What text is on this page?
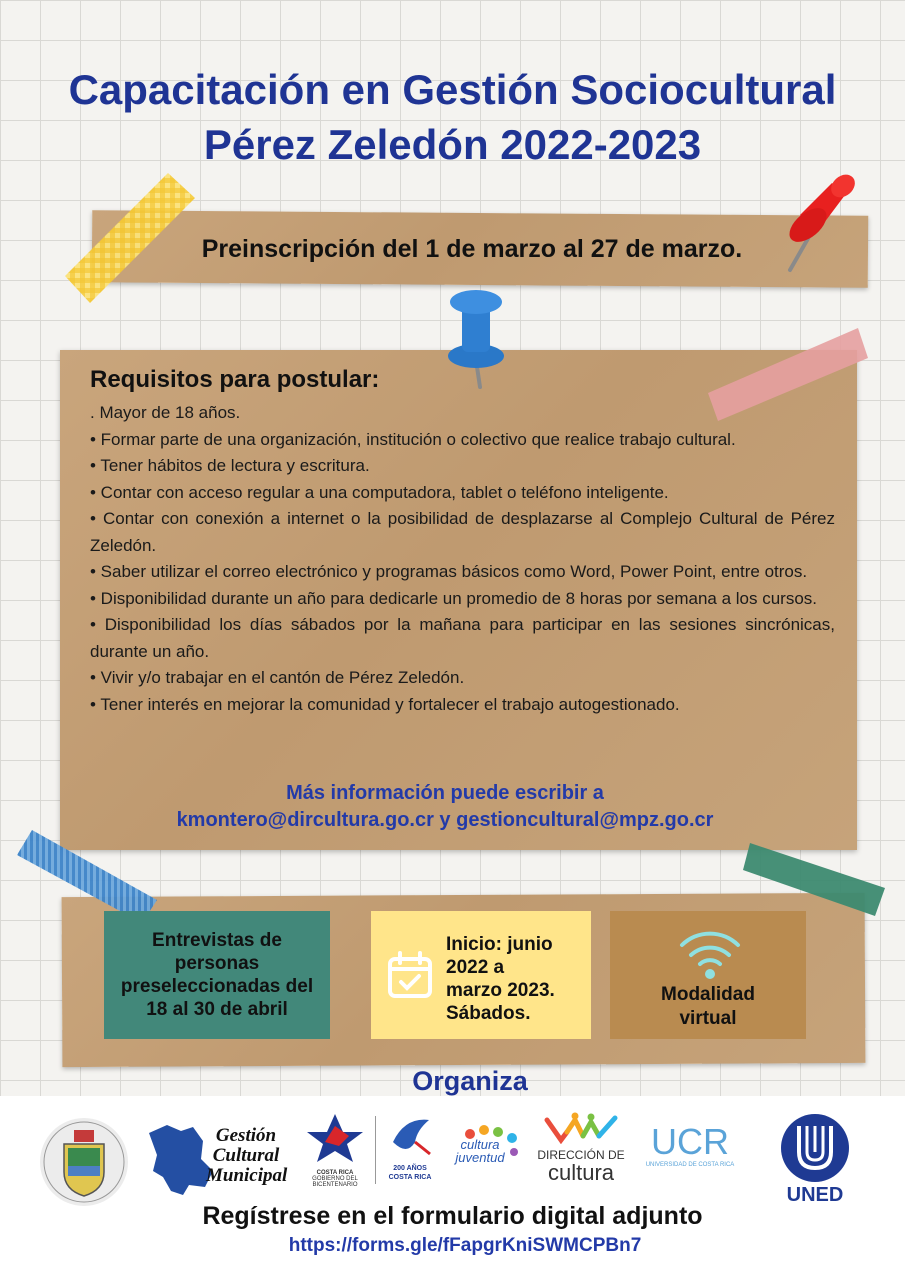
Capacitación en Gestión Sociocultural
Pérez Zeledón 2022-2023
Preinscripción del 1 de marzo al 27 de marzo.
Requisitos para postular:
. Mayor de 18 años.
• Formar parte de una organización, institución o colectivo que realice trabajo cultural.
• Tener hábitos de lectura y escritura.
• Contar con acceso regular a una computadora, tablet o teléfono inteligente.
• Contar con conexión a internet o la posibilidad de desplazarse al Complejo Cultural de Pérez Zeledón.
• Saber utilizar el correo electrónico y programas básicos como Word, Power Point, entre otros.
• Disponibilidad durante un año para dedicarle un promedio de 8 horas por semana a los cursos.
• Disponibilidad los días sábados por la mañana para participar en las sesiones sincrónicas, durante un año.
• Vivir y/o trabajar en el cantón de Pérez Zeledón.
• Tener interés en mejorar la comunidad y fortalecer el trabajo autogestionado.
Más información puede escribir a
kmontero@dircultura.go.cr y gestioncultural@mpz.go.cr
Entrevistas de personas preseleccionadas del 18 al 30 de abril
Inicio: junio
2022 a
marzo 2023.
Sábados.
Modalidad
virtual
Organiza
Gestión
Cultural
Municipal	COSTA RICA
GOBIERNO DEL BICENTENARIO
200 AÑOS
COSTA RICA
cultura
juventud	DIRECCIÓN DE
cultura
UCR
UNIVERSIDAD DE COSTA RICA
UNED
Regístrese en el formulario digital adjunto
https://forms.gle/fFapgrKniSWMCPBn7
